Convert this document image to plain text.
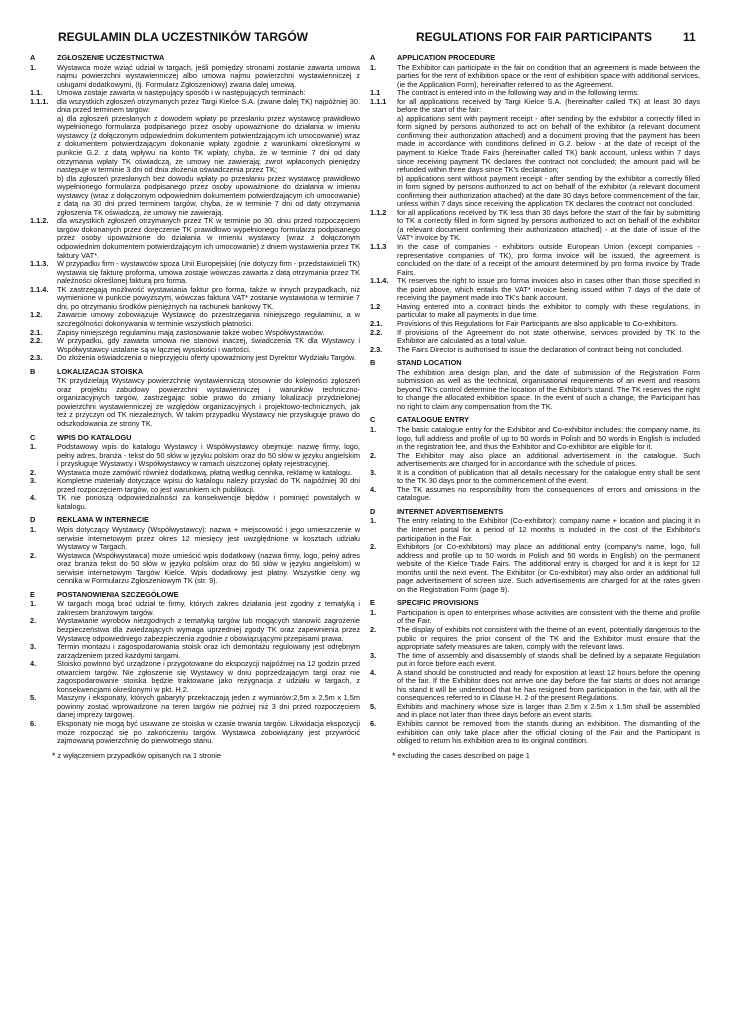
REGULAMIN DLA UCZESTNIKÓW TARGÓW	REGULATIONS FOR FAIR PARTICIPANTS	11
A	ZGŁOSZENIE UCZESTNICTWA
1.	Wystawca może wziąć udział w targach, jeśli pomiędzy stronami zostanie zawarta umowa najmu powierzchni wystawienniczej albo umowa najmu powierzchni wystawienniczej z usługami dodatkowymi, (tj. Formularz Zgłoszeniowy) zwana dalej umową.
1.1.	Umowa zostaje zawarta w następujący sposób i w następujących terminach:
1.1.1.	dla wszystkich zgłoszeń otrzymanych przez Targi Kielce S.A. (zwane dalej TK) najpóźniej 30. dnia przed terminem targów:
a) dla zgłoszeń przesłanych z dowodem wpłaty po przesłaniu przez wystawcę prawidłowo wypełnionego formularza podpisanego przez osoby upoważnione do działania w imieniu wystawcy (z dołączonym odpowiednim dokumentem potwierdzającym ich umocowanie) wraz z dokumentem potwierdzającym dokonanie wpłaty zgodnie z warunkami określonymi w punkcie G.2. z datą wpływu na konto TK wpłaty, chyba, że w terminie 7 dni od daty otrzymania wpłaty TK oświadczą, że umowy nie zawierają; zwrot wpłaconych pieniędzy następuje w terminie 3 dni od dnia złożenia oświadczenia przez TK;
b) dla zgłoszeń przesłanych bez dowodu wpłaty po przesłaniu przez wystawcę prawidłowo wypełnionego formularza podpisanego przez osoby upoważnione do działania w imieniu wystawcy (wraz z dołączonym odpowiednim dokumentem potwierdzającym ich umocowanie) z datą na 30 dni przed terminem targów, chyba, że w terminie 7 dni od daty otrzymania zgłoszenia TK oświadczą, że umowy nie zawierają.
1.1.2.	dla wszystkich zgłoszeń otrzymanych przez TK w terminie po 30. dniu przed rozpoczęciem targów dokonanych przez doręczenie TK prawidłowo wypełnionego formularza podpisanego przez osoby upoważnione do działania w imieniu wystawcy (wraz z dołączonym odpowiednim dokumentem potwierdzającym ich umocowanie) z dniem wystawienia przez TK faktury VAT*.
1.1.3.	W przypadku firm - wystawców spoza Unii Europejskiej (nie dotyczy firm - przedstawicieli TK) wystawia się fakturę proforma, umowa zostaje wówczas zawarta z datą otrzymania przez TK należności określonej fakturą pro forma.
1.1.4.	TK zastrzegają możliwość wystawiania faktur pro forma, także w innych przypadkach, niż wymienione w punkcie powyższym, wówczas faktura VAT* zostanie wystawiona w terminie 7 dni, po otrzymaniu środków pieniężnych na rachunek bankowy TK.
1.2.	Zawarcie umowy zobowiązuje Wystawcę do przestrzegania niniejszego regulaminu, a w szczególności dokonywania w terminie wszystkich płatności.
2.1.	Zapisy niniejszego regulaminu mają zastosowanie także wobec Współwystawców.
2.2.	W przypadku, gdy zawarta umowa nie stanowi inaczej, świadczenia TK dla Wystawcy i Współwystawcy ustalane są w łącznej wysokości i wartości.
2.3.	Do złożenia oświadczenia o nieprzyjęciu oferty upoważniony jest Dyrektor Wydziału Targów.
B	LOKALIZACJA STOISKA
TK przydzielają Wystawcy powierzchnię wystawienniczą stosownie do kolejności zgłoszeń oraz projektu zabudowy powierzchni wystawienniczej i warunków techniczno-organizacyjnych targów, zastrzegając sobie prawo do zmiany lokalizacji przydzielonej powierzchni wystawienniczej ze względów organizacyjnych i projektowo-technicznych, jak też z przyczyn od TK niezależnych. W takim przypadku Wystawcy nie przysługuje prawo do odszkodowania ze strony TK.
C	WPIS DO KATALOGU
1.	Podstawowy wpis do katalogu Wystawcy i Współwystawcy obejmuje: nazwę firmy, logo, pełny adres, branża - tekst do 50 słów w języku polskim oraz do 50 słów w języku angielskim i przysługuje Wystawcy i Współwystawcy w ramach uiszczonej opłaty rejestracyjnej.
2.	Wystawca może zamówić również dodatkową, płatną według cennika, reklamę w katalogu.
3.	Kompletne materiały dotyczące wpisu do katalogu należy przysłać do TK najpóźniej 30 dni przed rozpoczęciem targów, co jest warunkiem ich publikacji.
4.	TK nie ponoszą odpowiedzialności za konsekwencje błędów i pominięć powstałych w katalogu.
D	REKLAMA W INTERNECIE
1.	Wpis dotyczący Wystawcy (Współwystawcy): nazwa + miejscowość i jego umieszczenie w serwisie internetowym przez okres 12 miesięcy jest uwzględnione w kosztach udziału Wystawcy w Targach.
2.	Wystawca (Współwystawca) może umieścić wpis dodatkowy (nazwa firmy, logo, pełny adres oraz branża tekst do 50 słów w języku polskim oraz do 50 słów w języku angielskim) w serwisie internetowym Targów Kielce. Wpis dodatkowy jest płatny. Wszystkie ceny wg cennika w Formularzu Zgłoszeniowym TK (str. 9).
E	POSTANOWIENIA SZCZEGÓŁOWE
1.	W targach mogą brać udział te firmy, których zakres działania jest zgodny z tematyką i zakresem branżowym targów.
2.	Wystawianie wyrobów niezgodnych z tematyką targów lub mogących stanowić zagrożenie bezpieczeństwa dla zwiedzających wymaga uprzedniej zgody TK oraz zapewnienia przez Wystawcę odpowiedniego zabezpieczenia zgodnie z obowiązującymi przepisami prawa.
3.	Termin montażu i zagospodarowania stoisk oraz ich demontażu regulowany jest odrębnym zarządzeniem przed każdymi targami.
4.	Stoisko powinno być urządzone i przygotowane do ekspozycji najpóźniej na 12 godzin przed otwarciem targów. Nie zgłoszenie się Wystawcy w dniu poprzedzającym targi oraz nie zagospodarowanie stoiska będzie traktowane jako rezygnacja z udziału w targach, z konsekwencjami określonymi w pkt. H.2.
5.	Maszyny i eksponaty, których gabaryty przekraczają jeden z wymiarów:2,5m x 2,5m x 1,5m powinny zostać wprowadzone na teren targów nie później niż 3 dni przed rozpoczęciem danej imprezy targowej.
6.	Eksponaty nie mogą być usuwane ze stoiska w czasie trwania targów. Likwidacja ekspozycji może rozpocząć się po zakończeniu targów. Wystawca zobowiązany jest przywrócić zajmowaną powierzchnię do pierwotnego stanu.
* z wyłączeniem przypadków opisanych na 1 stronie
A	APPLICATION PROCEDURE
1.	The Exhibitor can participate in the fair on condition that an agreement is made between the parties for the rent of exhibition space or the rent of exhibition space with additional services, (ie the Application Form), hereinafter referred to as the Agreement.
1.1	The contract is entered into in the following way and in the following terms:
1.1.1	for all applications received by Targi Kielce S.A. (hereinafter called TK) at least 30 days before the start of the fair:
a) applications sent with payment receipt - after sending by the exhibitor a correctly filled in form signed by persons authorized to act on behalf of the exhibitor (a relevant document confirming their authorization attached) and a document proving that the payment has been made in accordance with conditions defined in G.2. below - at the date of receipt of the payment to Kielce Trade Fairs (hereinafter called TK) bank account, unless within 7 days since receiving payment TK declares the contract not concluded; the amount paid will be refunded within three days since TK's declaration;
b) applications sent without payment receipt - after sending by the exhibitor a correctly filled in form signed by persons authorized to act on behalf of the exhibitor (a relevant document confirming their authorization attached) at the date 30 days before commencement of the fair, unless within 7 days since receiving the application TK declares the contract not concluded.
1.1.2	for all applications received by TK less than 30 days before the start of the fair by submitting to TK a correctly filled in form signed by persons authorized to act on behalf of the exhibitor (a relevant document confirming their authorization attached) - at the date of issue of the VAT* invoice by TK.
1.1.3	In the case of companies - exhibitors outside European Union (except companies - representative companies of TK), pro forma invoice will be issued, the agreement is concluded on the date of a receipt of the amount determined by pro forma invoice by Trade Fairs.
1.1.4.	TK reserves the right to issue pro forma invoices also in cases other than those specified in the point above, which entails the VAT* invoice being issued within 7 days of the date of receiving the payment made into TK's bank account.
1.2	Having entered into a contract binds the exhibitor to comply with these regulations, in particular to make all payments in due time.
2.1.	Provisions of this Regulations for Fair Participants are also applicable to Co-exhibitors.
2.2.	If provisions of the Agreement do not state otherwise, services provided by TK to the Exhibitor are calculated as a total value.
2.3.	The Fairs Director is authorised to issue the declaration of contract being not concluded.
B	STAND LOCATION
The exhibition area design plan, and the date of submission of the Registration Form submission as well as the technical, organisational requirements of an event and reasons beyond TK's control determine the location of the Exhibitor's stand. The TK reserves the right to change the allocated exhibition space. In the event of such a change, the Participant has no right to claim any compensation from the TK.
C	CATALOGUE ENTRY
1.	The basic catalogue entry for the Exhibitor and Co-exhibitor includes: the company name, its logo, full address and profile of up to 50 words in Polish and 50 words in English is included in the registration fee, and thus the Exhibitor and Co-exhibitor are eligible for it.
2.	The Exhibitor may also place an additional advertisement in the catalogue. Such advertisements are charged for in accordance with the schedule of prices.
3.	It is a condition of publication that all details necessary for the catalogue entry shall be sent to the TK 30 days prior to the commencement of the event.
4.	The TK assumes no responsibility from the consequences of errors and omissions in the catalogue.
D	INTERNET ADVERTISEMENTS
1.	The entry relating to the Exhibitor (Co-exhibitor): company name + location and placing it in the Internet portal for a period of 12 months is included in the cost of the Exhibitor's participation in the Fair.
2.	Exhibitors (or Co-exhibitors) may place an additional entry (company's name, logo, full address and profile up to 50 words in Polish and 50 words in English) on the permanent website of the Kielce Trade Fairs. The additional entry is charged for and it is kept for 12 months until the next event. The Exhibitor (or Co-exhibitor) may also order an additional full page advertisement of screen size. Such advertisements are charged for at the rates given on the Registration Form (page 9).
E	SPECIFIC PROVISIONS
1.	Participation is open to enterprises whose activities are consistent with the theme and profile of the Fair.
2.	The display of exhibits not consistent with the theme of an event, potentially dangerous to the public or requires the prior consent of the TK and the Exhibitor must ensure that the appropriate safety measures are taken, comply with the relevant laws.
3.	The time of assembly and disassembly of stands shall be defined by a separate Regulation put in force before each event.
4.	A stand should be constructed and ready for exposition at least 12 hours before the opening of the fair. If the Exhibitor does not arrive one day before the fair starts or does not arrange his stand it will be understood that he has resigned from participation in the fair, with all the consequences referred to in Clause H. 2 of the present Regulations.
5.	Exhibits and machinery whose size is larger than 2.5m x 2.5m x 1.5m shall be assembled and in place not later than three days before an event starts.
6.	Exhibits cannot be removed from the stands during an exhibition. The dismantling of the exhibition can only take place after the official closing of the Fair and the Participant is obliged to return his exhibition area to its original condition.
* excluding the cases described on page 1
